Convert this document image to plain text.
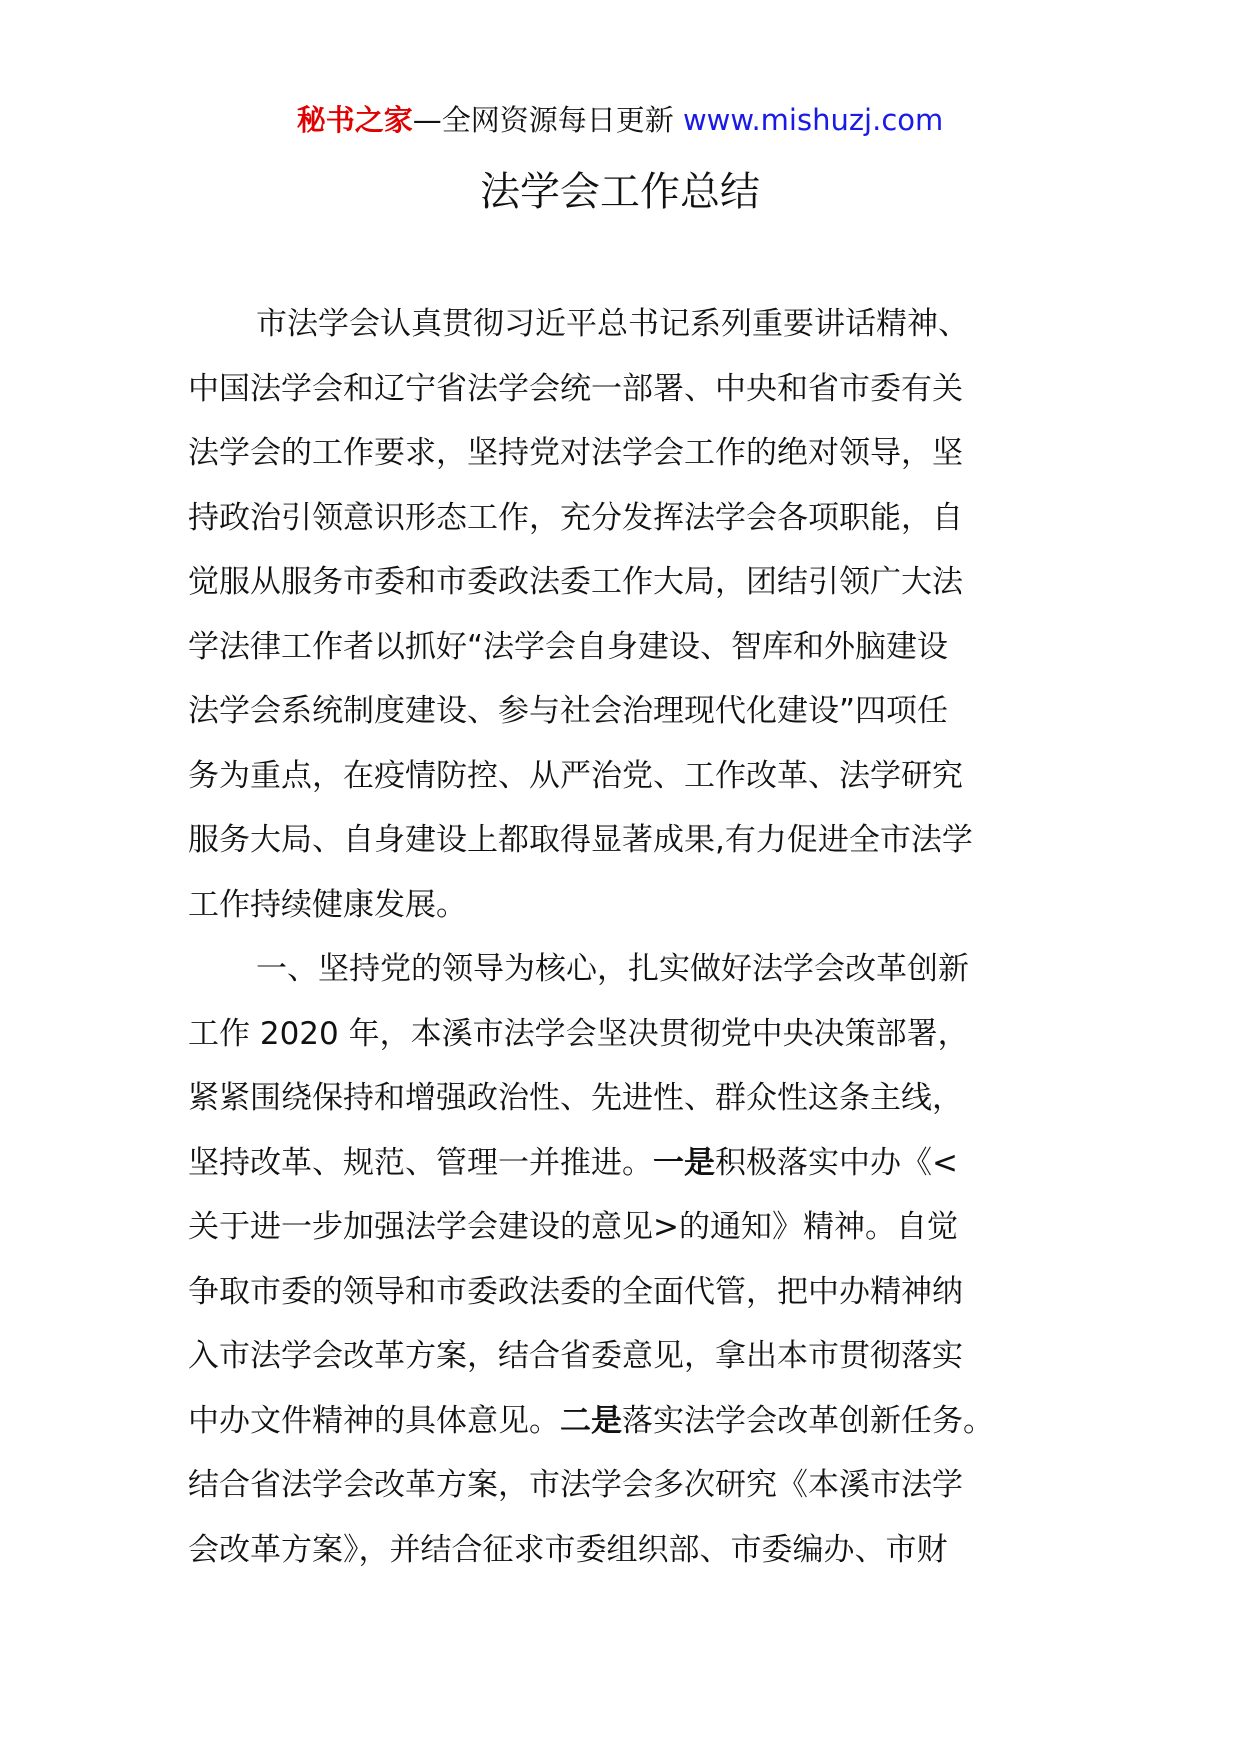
秘书之家—全网资源每日更新 www.mishuzj.com
法学会工作总结
市法学会认真贯彻习近平总书记系列重要讲话精神、
中国法学会和辽宁省法学会统一部署、中央和省市委有关
法学会的工作要求，坚持党对法学会工作的绝对领导，坚
持政治引领意识形态工作，充分发挥法学会各项职能，自
觉服从服务市委和市委政法委工作大局，团结引领广大法
学法律工作者以抓好“法学会自身建设、智库和外脑建设
法学会系统制度建设、参与社会治理现代化建设”四项任
务为重点，在疫情防控、从严治党、工作改革、法学研究
服务大局、自身建设上都取得显著成果,有力促进全市法学
工作持续健康发展。
一、坚持党的领导为核心，扎实做好法学会改革创新
工作 2020 年，本溪市法学会坚决贯彻党中央决策部署，
紧紧围绕保持和增强政治性、先进性、群众性这条主线，
坚持改革、规范、管理一并推进。一是积极落实中办《<
关于进一步加强法学会建设的意见>的通知》精神。自觉
争取市委的领导和市委政法委的全面代管，把中办精神纳
入市法学会改革方案，结合省委意见，拿出本市贯彻落实
中办文件精神的具体意见。二是落实法学会改革创新任务。
结合省法学会改革方案，市法学会多次研究《本溪市法学
会改革方案》，并结合征求市委组织部、市委编办、市财
